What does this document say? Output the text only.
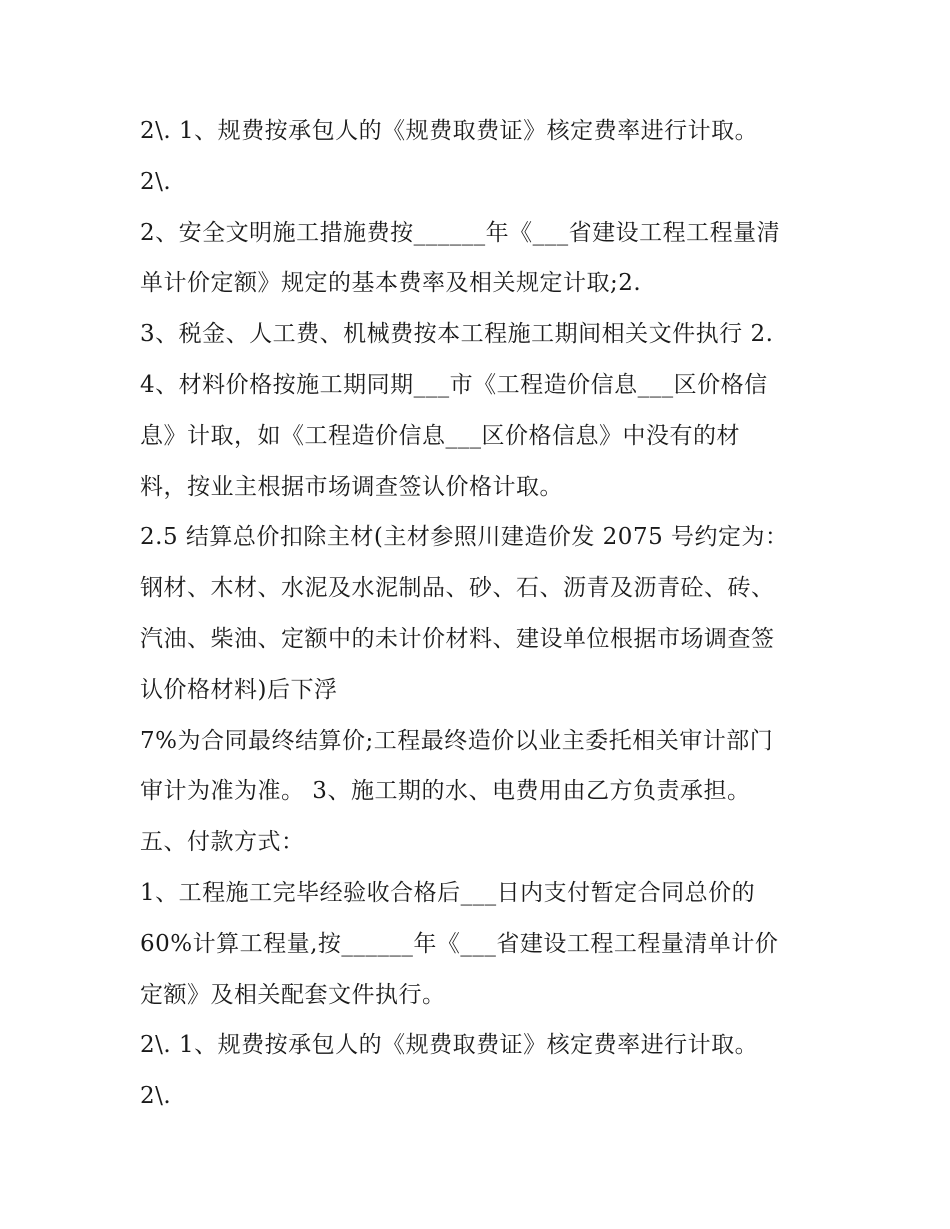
2\. 1、规费按承包人的《规费取费证》核定费率进行计取。

2\.

2、安全文明施工措施费按______年《___省建设工程工程量清

单计价定额》规定的基本费率及相关规定计取;2.

3、税金、人工费、机械费按本工程施工期间相关文件执行 2.

4、材料价格按施工期同期___市《工程造价信息___区价格信

息》计取，如《工程造价信息___区价格信息》中没有的材

料，按业主根据市场调查签认价格计取。

2.5 结算总价扣除主材(主材参照川建造价发 2075 号约定为：

钢材、木材、水泥及水泥制品、砂、石、沥青及沥青砼、砖、

汽油、柴油、定额中的未计价材料、建设单位根据市场调查签

认价格材料)后下浮

7%为合同最终结算价;工程最终造价以业主委托相关审计部门

审计为准为准。 3、施工期的水、电费用由乙方负责承担。

五、付款方式：

1、工程施工完毕经验收合格后___日内支付暂定合同总价的

60%计算工程量,按______年《___省建设工程工程量清单计价

定额》及相关配套文件执行。

2\. 1、规费按承包人的《规费取费证》核定费率进行计取。

2\.
